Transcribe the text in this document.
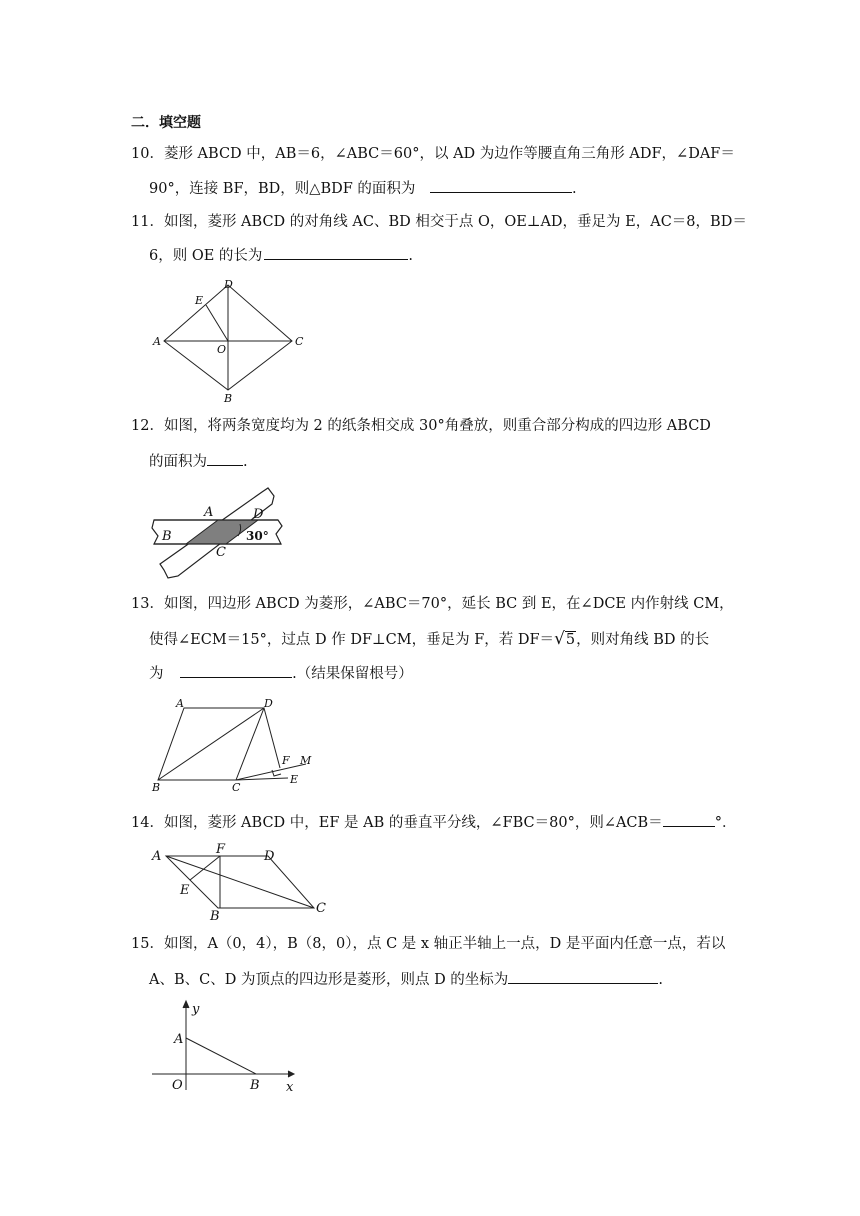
二．填空题
10．菱形 ABCD 中，AB＝6，∠ABC＝60°，以 AD 为边作等腰直角三角形 ADF，∠DAF＝
90°，连接 BF，BD，则△BDF 的面积为	.
11．如图，菱形 ABCD 的对角线 AC、BD 相交于点 O，OE⊥AD，垂足为 E，AC＝8，BD＝
6，则 OE 的长为	.
A
D
C
B
E
O
12．如图，将两条宽度均为 2 的纸条相交成 30°角叠放，则重合部分构成的四边形 ABCD
的面积为 .
A	D
B
C
30°
13．如图，四边形 ABCD 为菱形，∠ABC＝70°，延长 BC 到 E，在∠DCE 内作射线 CM，
使得∠ECM＝15°，过点 D 作 DF⊥CM，垂足为 F，若 DF＝√5，则对角线 BD 的长
为	.（结果保留根号）
A	D
B	C
E
F M
14．如图，菱形 ABCD 中，EF 是 AB 的垂直平分线，∠FBC＝80°，则∠ACB＝	°．
A	F	D
E
B
C
15．如图，A（0，4），B（8，0），点 C 是 x 轴正半轴上一点，D 是平面内任意一点，若以
A、B、C、D 为顶点的四边形是菱形，则点 D 的坐标为	.
A
B
O	x
y
